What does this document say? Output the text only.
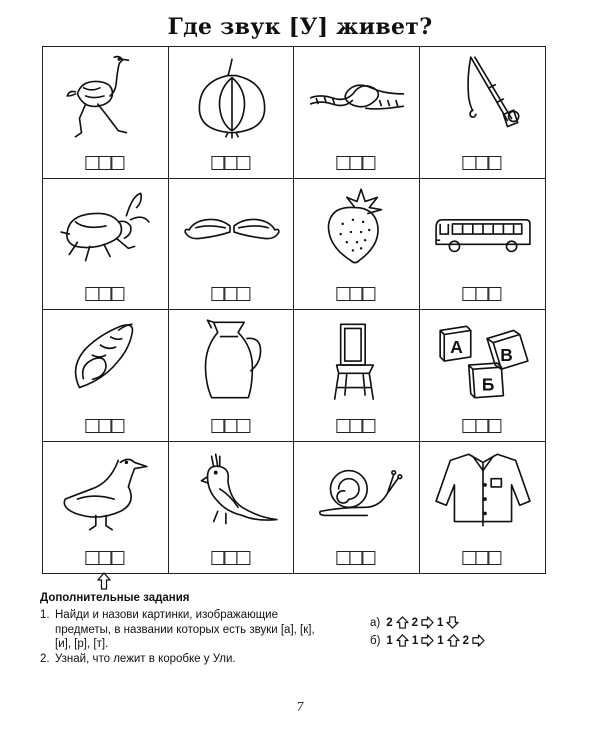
Где звук [У] живет?
А В
Б
Дополнительные задания
1. Найди и назови картинки, изображающие предметы, в названии которых есть звуки [а], [к], [и], [р], [т].
2. Узнай, что лежит в коробке у Ули.
а) 2 2 1
б) 1 1 1 2
7
